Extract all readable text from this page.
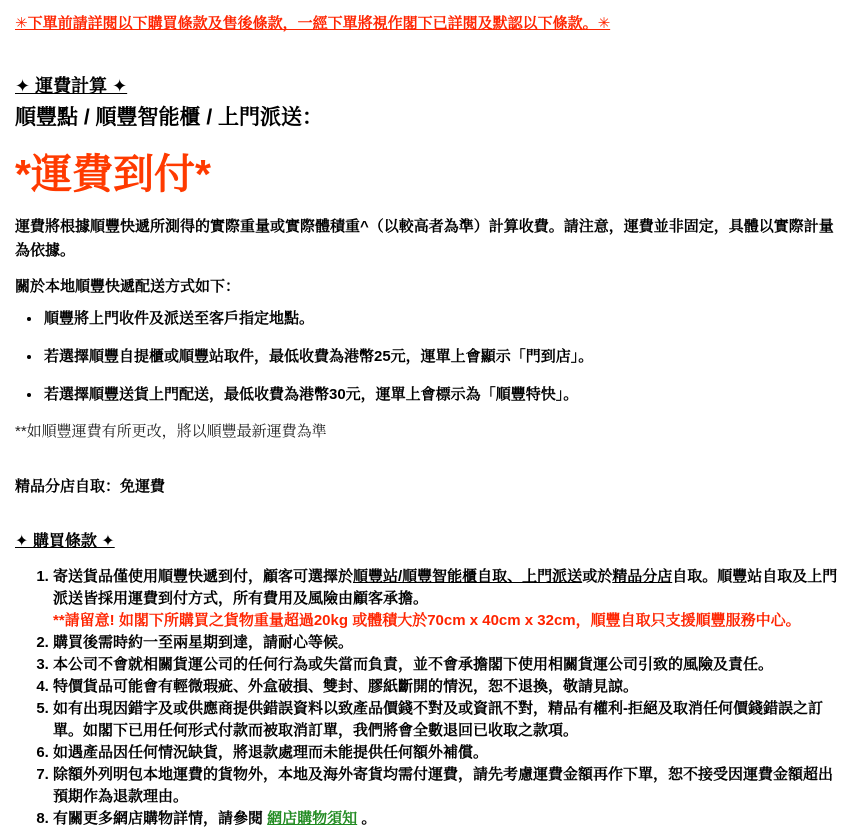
✳下單前請詳閱以下購買條款及售後條款，一經下單將視作閣下已詳閱及默認以下條款。✳

✦ 運費計算 ✦
順豐點 / 順豐智能櫃 / 上門派送：
*運費到付*

運費將根據順豐快遞所測得的實際重量或實際體積重^（以較高者為準）計算收費。請注意，運費並非固定，具體以實際計量為依據。

關於本地順豐快遞配送方式如下：

• 順豐將上門收件及派送至客戶指定地點。
• 若選擇順豐自提櫃或順豐站取件，最低收費為港幣25元，運單上會顯示「門到店」。
• 若選擇順豐送貨上門配送，最低收費為港幣30元，運單上會標示為「順豐特快」。

**如順豐運費有所更改，將以順豐最新運費為準

精品分店自取：免運費

✦ 購買條款 ✦
1. 寄送貨品僅使用順豐快遞到付，顧客可選擇於順豐站/順豐智能櫃自取、上門派送或於精品分店自取。順豐站自取及上門派送皆採用運費到付方式，所有費用及風險由顧客承擔。
**請留意! 如閣下所購買之貨物重量超過20kg 或體積大於70cm x 40cm x 32cm，順豐自取只支援順豐服務中心。
2. 購買後需時約一至兩星期到達，請耐心等候。
3. 本公司不會就相關貨運公司的任何行為或失當而負責，並不會承擔閣下使用相關貨運公司引致的風險及責任。
4. 特價貨品可能會有輕微瑕疵、外盒破損、雙封、膠紙斷開的情況，恕不退換，敬請見諒。
5. 如有出現因錯字及或供應商提供錯誤資料以致產品價錢不對及或資訊不對，精品有權利-拒絕及取消任何價錢錯誤之訂單。如閣下已用任何形式付款而被取消訂單，我們將會全數退回已收取之款項。
6. 如遇產品因任何情況缺貨，將退款處理而未能提供任何額外補償。
7. 除額外列明包本地運費的貨物外，本地及海外寄貨均需付運費，請先考慮運費金額再作下單，恕不接受因運費金額超出預期作為退款理由。
8. 有關更多網店購物詳情，請參閱 網店購物須知 。
